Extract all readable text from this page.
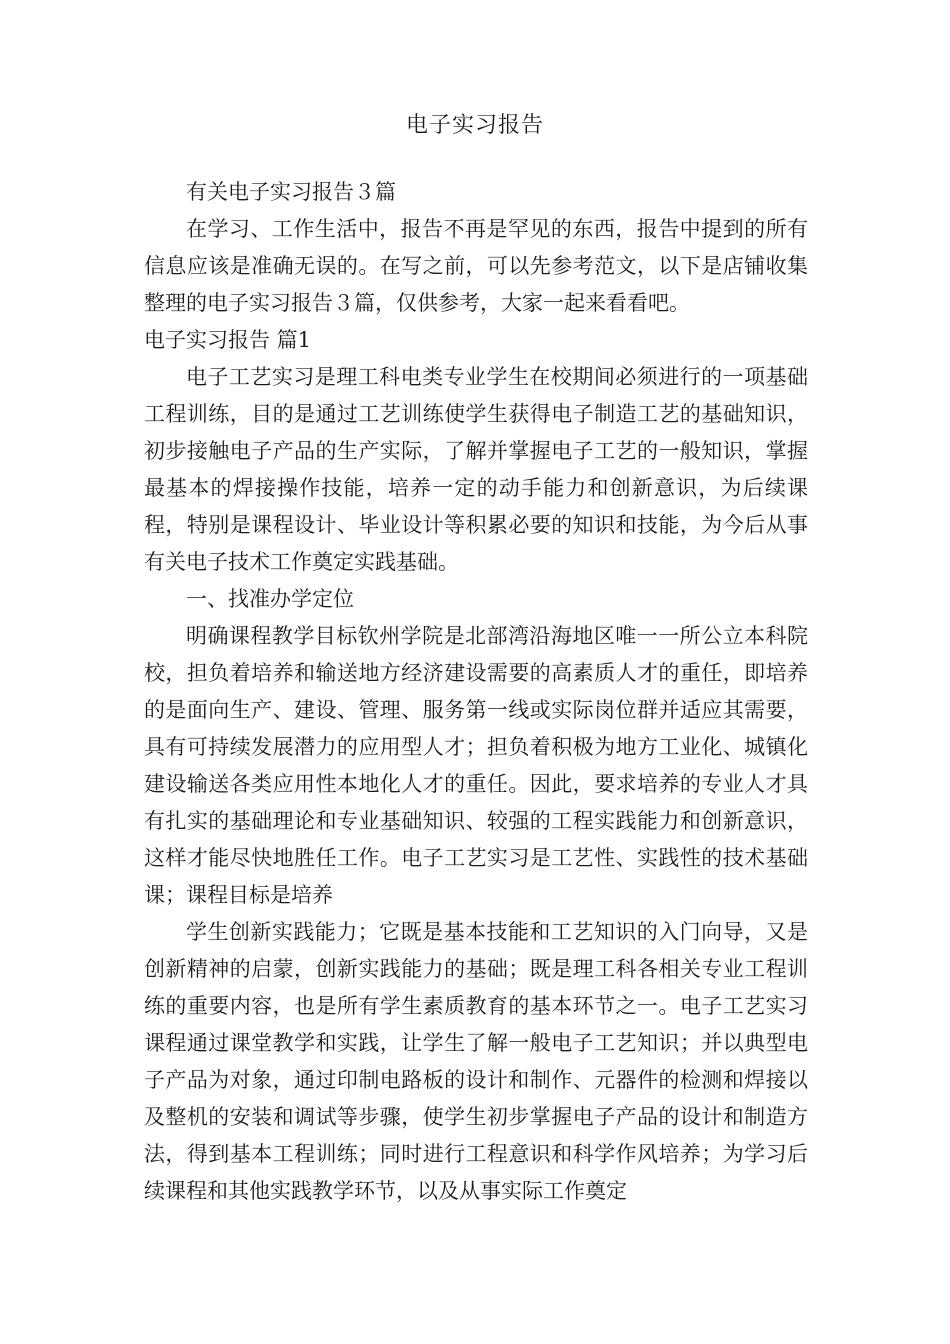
电子实习报告

有关电子实习报告３篇

在学习、工作生活中，报告不再是罕见的东西，报告中提到的所有信息应该是准确无误的。在写之前，可以先参考范文，以下是店铺收集整理的电子实习报告３篇，仅供参考，大家一起来看看吧。

电子实习报告 篇1

电子工艺实习是理工科电类专业学生在校期间必须进行的一项基础工程训练，目的是通过工艺训练使学生获得电子制造工艺的基础知识，初步接触电子产品的生产实际，了解并掌握电子工艺的一般知识，掌握最基本的焊接操作技能，培养一定的动手能力和创新意识，为后续课程，特别是课程设计、毕业设计等积累必要的知识和技能，为今后从事有关电子技术工作奠定实践基础。

一、找准办学定位

明确课程教学目标钦州学院是北部湾沿海地区唯一一所公立本科院校，担负着培养和输送地方经济建设需要的高素质人才的重任，即培养的是面向生产、建设、管理、服务第一线或实际岗位群并适应其需要，具有可持续发展潜力的应用型人才；担负着积极为地方工业化、城镇化建设输送各类应用性本地化人才的重任。因此，要求培养的专业人才具有扎实的基础理论和专业基础知识、较强的工程实践能力和创新意识，这样才能尽快地胜任工作。电子工艺实习是工艺性、实践性的技术基础课；课程目标是培养

学生创新实践能力；它既是基本技能和工艺知识的入门向导，又是创新精神的启蒙，创新实践能力的基础；既是理工科各相关专业工程训练的重要内容，也是所有学生素质教育的基本环节之一。电子工艺实习课程通过课堂教学和实践，让学生了解一般电子工艺知识；并以典型电子产品为对象，通过印制电路板的设计和制作、元器件的检测和焊接以及整机的安装和调试等步骤，使学生初步掌握电子产品的设计和制造方法，得到基本工程训练；同时进行工程意识和科学作风培养；为学习后续课程和其他实践教学环节，以及从事实际工作奠定
